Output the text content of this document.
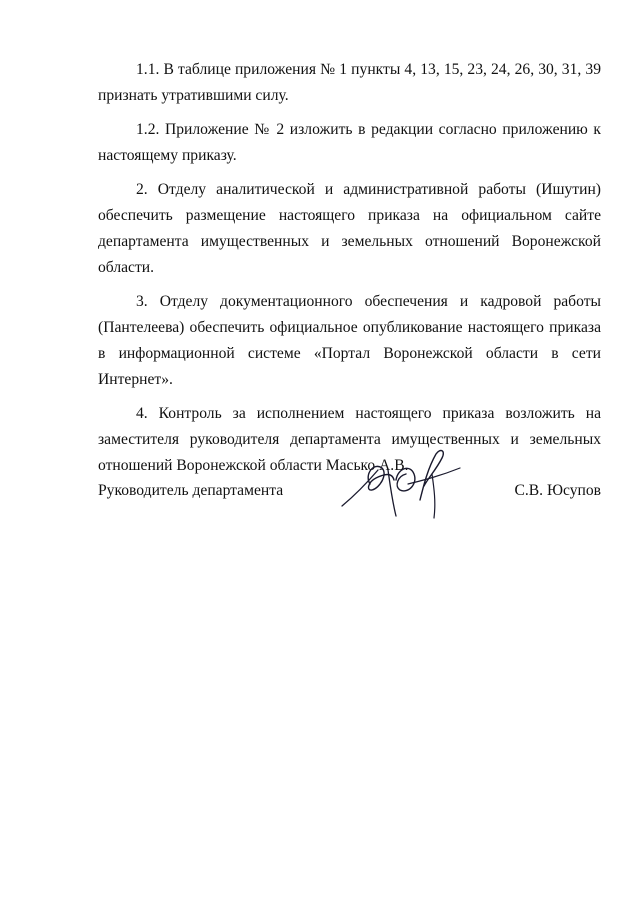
1.1. В таблице приложения № 1 пункты 4, 13, 15, 23, 24, 26, 30, 31, 39 признать утратившими силу.

1.2. Приложение № 2 изложить в редакции согласно приложению к настоящему приказу.

2. Отделу аналитической и административной работы (Ишутин) обеспечить размещение настоящего приказа на официальном сайте департамента имущественных и земельных отношений Воронежской области.

3. Отделу документационного обеспечения и кадровой работы (Пантелеева) обеспечить официальное опубликование настоящего приказа в информационной системе «Портал Воронежской области в сети Интернет».

4. Контроль за исполнением настоящего приказа возложить на заместителя руководителя департамента имущественных и земельных отношений Воронежской области Масько А.В.

Руководитель департамента	С.В. Юсупов
